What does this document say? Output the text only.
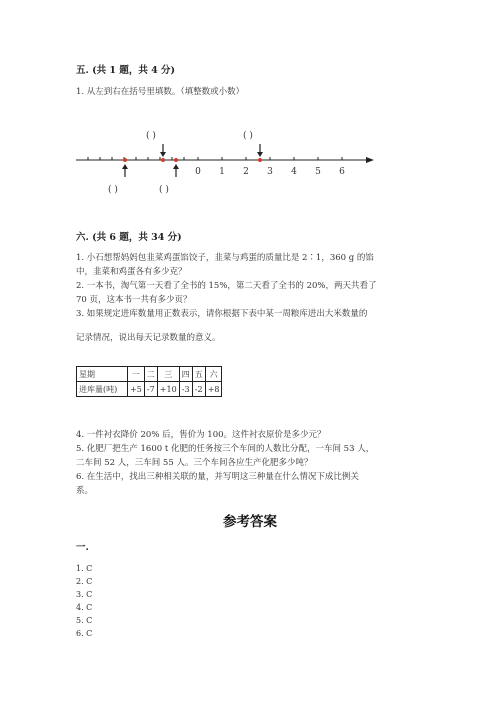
五. (共 1 题，共 4 分)
1. 从左到右在括号里填数。（填整数或小数）
( )	( )
0 1 2 3 4 5 6
( )	( )
六. (共 6 题，共 34 分)
1. 小石想帮妈妈包韭菜鸡蛋馅饺子，韭菜与鸡蛋的质量比是 2∶1，360 g 的馅
中，韭菜和鸡蛋各有多少克？
2. 一本书，淘气第一天看了全书的 15%，第二天看了全书的 20%，两天共看了
70 页，这本书一共有多少页？
3. 如果规定进库数量用正数表示，请你根据下表中某一周粮库进出大米数量的
记录情况，说出每天记录数量的意义。
星期	一	二	三	四	五	六
进库量(吨)	+5	-7	+10	-3	-2	+8
4. 一件衬衣降价 20% 后，售价为 100。这件衬衣原价是多少元？
5. 化肥厂把生产 1600 t 化肥的任务按三个车间的人数比分配，一车间 53 人，
二车间 52 人，三车间 55 人。三个车间各应生产化肥多少吨？
6. 在生活中，找出三种相关联的量，并写明这三种量在什么情况下成比例关
系。
参考答案
一.
1. C
2. C
3. C
4. C
5. C
6. C
